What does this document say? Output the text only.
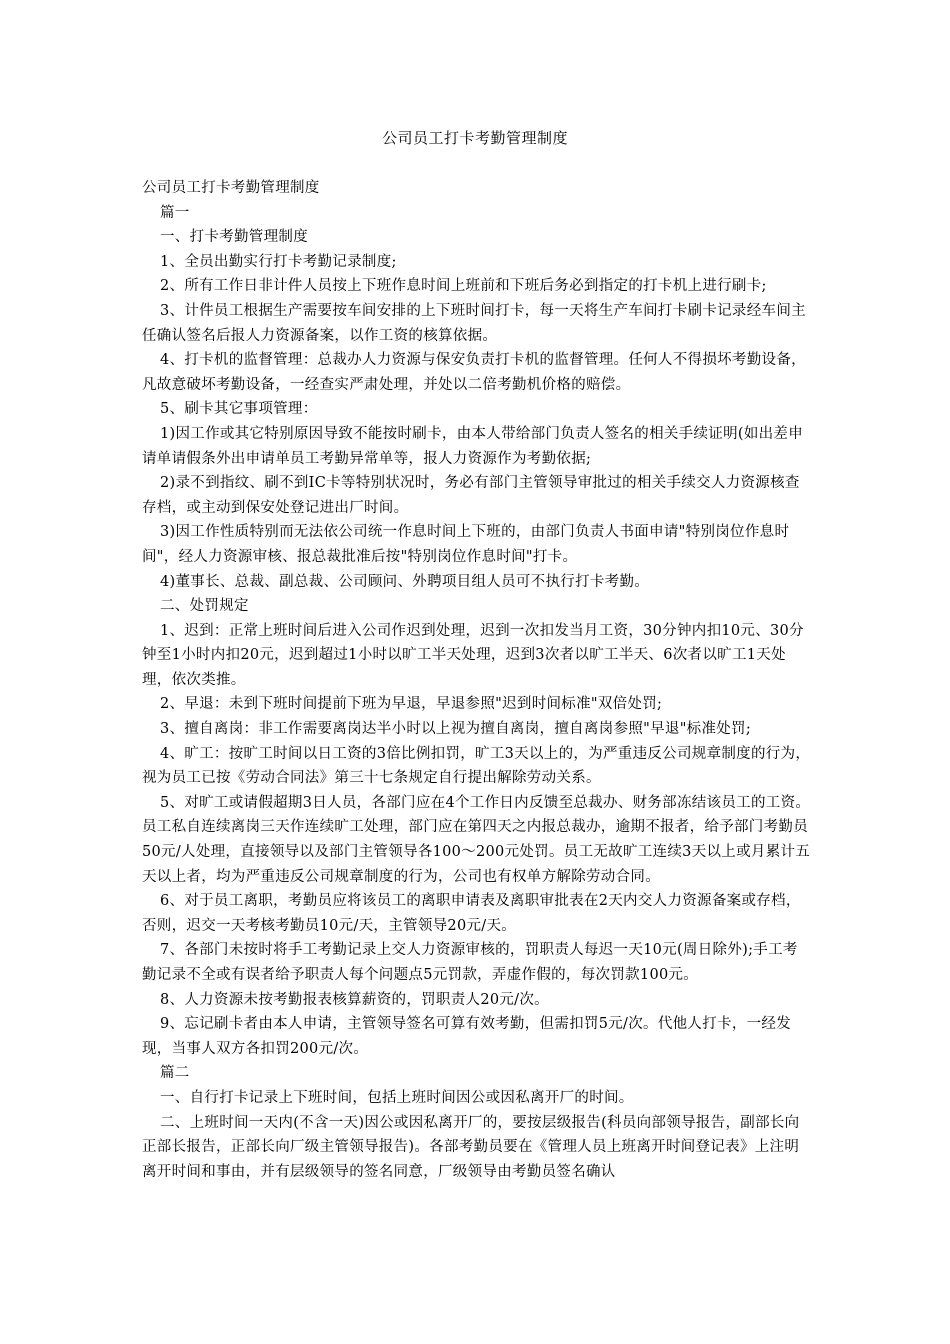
公司员工打卡考勤管理制度

公司员工打卡考勤管理制度

篇一

一、打卡考勤管理制度

1、全员出勤实行打卡考勤记录制度;

2、所有工作日非计件人员按上下班作息时间上班前和下班后务必到指定的打卡机上进行刷卡;

3、计件员工根据生产需要按车间安排的上下班时间打卡，每一天将生产车间打卡刷卡记录经车间主任确认签名后报人力资源备案，以作工资的核算依据。

4、打卡机的监督管理：总裁办人力资源与保安负责打卡机的监督管理。任何人不得损坏考勤设备，凡故意破坏考勤设备，一经查实严肃处理，并处以二倍考勤机价格的赔偿。

5、刷卡其它事项管理：

1)因工作或其它特别原因导致不能按时刷卡，由本人带给部门负责人签名的相关手续证明(如出差申请单请假条外出申请单员工考勤异常单等，报人力资源作为考勤依据;

2)录不到指纹、刷不到IC卡等特别状况时，务必有部门主管领导审批过的相关手续交人力资源核查存档，或主动到保安处登记进出厂时间。

3)因工作性质特别而无法依公司统一作息时间上下班的，由部门负责人书面申请"特别岗位作息时间"，经人力资源审核、报总裁批准后按"特别岗位作息时间"打卡。

4)董事长、总裁、副总裁、公司顾问、外聘项目组人员可不执行打卡考勤。

二、处罚规定

1、迟到：正常上班时间后进入公司作迟到处理，迟到一次扣发当月工资，30分钟内扣10元、30分钟至1小时内扣20元，迟到超过1小时以旷工半天处理，迟到3次者以旷工半天、6次者以旷工1天处理，依次类推。

2、早退：未到下班时间提前下班为早退，早退参照"迟到时间标准"双倍处罚;

3、擅自离岗：非工作需要离岗达半小时以上视为擅自离岗，擅自离岗参照"早退"标准处罚;

4、旷工：按旷工时间以日工资的3倍比例扣罚，旷工3天以上的，为严重违反公司规章制度的行为，视为员工已按《劳动合同法》第三十七条规定自行提出解除劳动关系。

5、对旷工或请假超期3日人员，各部门应在4个工作日内反馈至总裁办、财务部冻结该员工的工资。员工私自连续离岗三天作连续旷工处理，部门应在第四天之内报总裁办，逾期不报者，给予部门考勤员50元/人处理，直接领导以及部门主管领导各100～200元处罚。员工无故旷工连续3天以上或月累计五天以上者，均为严重违反公司规章制度的行为，公司也有权单方解除劳动合同。

6、对于员工离职，考勤员应将该员工的离职申请表及离职审批表在2天内交人力资源备案或存档，否则，迟交一天考核考勤员10元/天，主管领导20元/天。

7、各部门未按时将手工考勤记录上交人力资源审核的，罚职责人每迟一天10元(周日除外);手工考勤记录不全或有误者给予职责人每个问题点5元罚款，弄虚作假的，每次罚款100元。

8、人力资源未按考勤报表核算薪资的，罚职责人20元/次。

9、忘记刷卡者由本人申请，主管领导签名可算有效考勤，但需扣罚5元/次。代他人打卡，一经发现，当事人双方各扣罚200元/次。

篇二

一、自行打卡记录上下班时间，包括上班时间因公或因私离开厂的时间。

二、上班时间一天内(不含一天)因公或因私离开厂的，要按层级报告(科员向部领导报告，副部长向正部长报告，正部长向厂级主管领导报告)。各部考勤员要在《管理人员上班离开时间登记表》上注明离开时间和事由，并有层级领导的签名同意，厂级领导由考勤员签名确认
